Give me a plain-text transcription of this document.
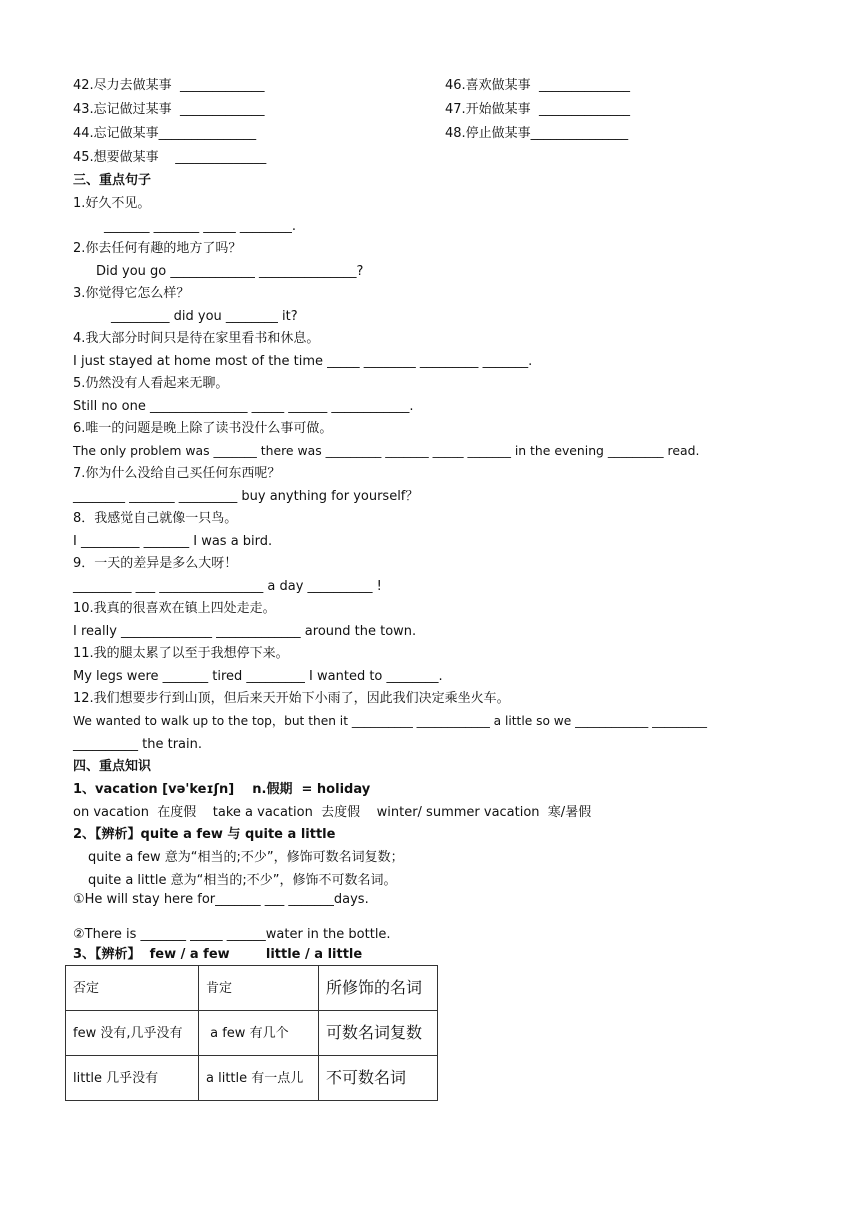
42.尽力去做某事  _____________
43.忘记做过某事  _____________
44.忘记做某事_______________
45.想要做某事    ______________
46.喜欢做某事  ______________
47.开始做某事  ______________
48.停止做某事_______________
三、重点句子
1.好久不见。
_______ _______ _____ ________.
2.你去任何有趣的地方了吗？
Did you go _____________ _______________?
3.你觉得它怎么样？
_________ did you ________ it?
4.我大部分时间只是待在家里看书和休息。
I just stayed at home most of the time _____ ________ _________ _______.
5.仍然没有人看起来无聊。
Still no one _______________ _____ ______ ____________.
6.唯一的问题是晚上除了读书没什么事可做。
The only problem was _______ there was _________ _______ _____ _______ in the evening _________ read.
7.你为什么没给自己买任何东西呢？
________ _______ _________ buy anything for yourself？
8．我感觉自己就像一只鸟。
I _________ _______ I was a bird.
9．一天的差异是多么大呀！
_________ ___ ________________ a day __________ !
10.我真的很喜欢在镇上四处走走。
I really ______________ _____________ around the town.
11.我的腿太累了以至于我想停下来。
My legs were _______ tired _________ I wanted to ________.
12.我们想要步行到山顶，但后来天开始下小雨了，因此我们决定乘坐火车。
We wanted to walk up to the top，but then it __________ ____________ a little so we ____________ _________
__________ the train.
四、重点知识
1、vacation [və'keɪʃn]    n.假期  = holiday
on vacation  在度假    take a vacation  去度假    winter/ summer vacation  寒/暑假
2、【辨析】quite a few 与 quite a little
quite a few 意为“相当的;不少”，修饰可数名词复数；
quite a little 意为“相当的;不少”，修饰不可数名词。
①He will stay here for_______ ___ _______days.
②There is _______ _____ ______water in the bottle.
3、【辨析】  few / a few        little / a little
否定	肯定	所修饰的名词
few 没有,几乎没有	a few 有几个	可数名词复数
little 几乎没有	a little 有一点儿	不可数名词
